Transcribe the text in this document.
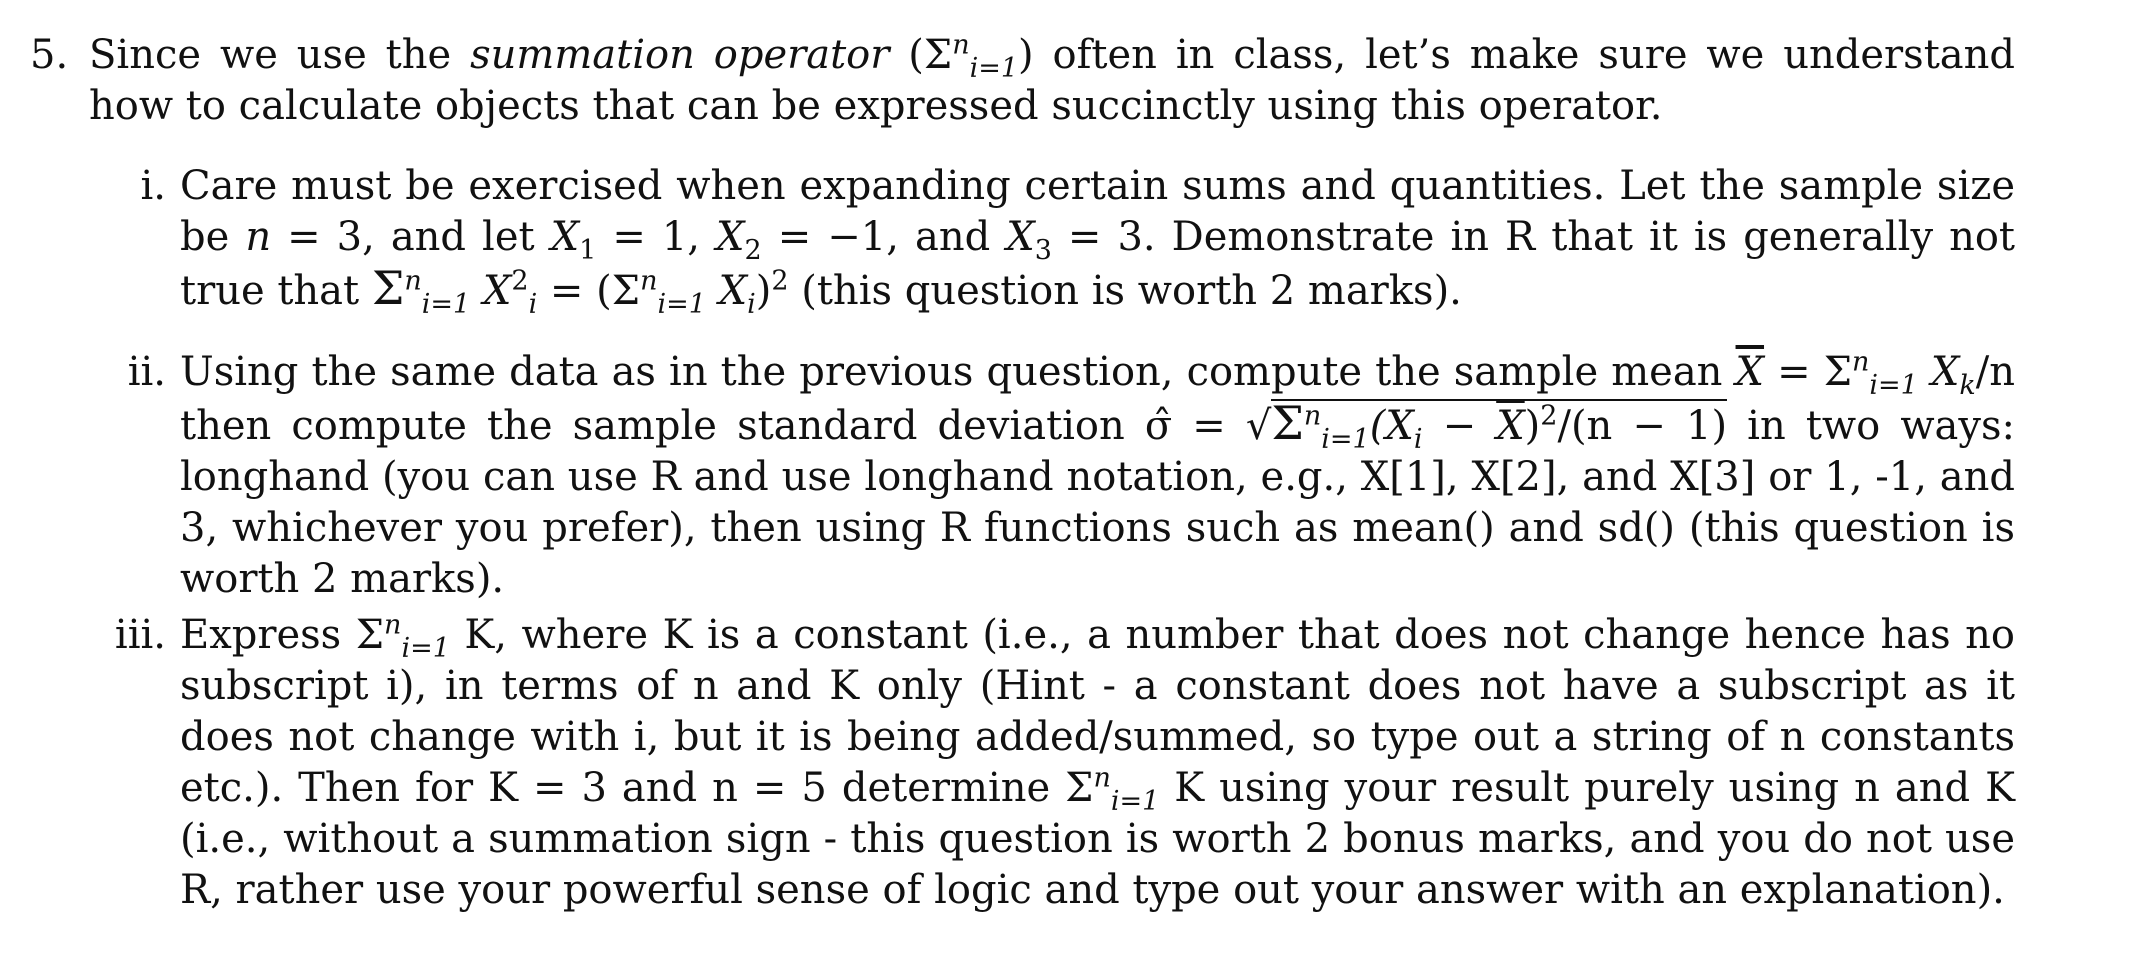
5. Since we use the summation operator $(\Sigma^n_{i=1})$ often in class, let’s make sure we understand how to calculate objects that can be expressed succinctly using this operator.
i. Care must be exercised when expanding certain sums and quantities. Let the sample size be n = 3, and let $X_1 = 1$, $X_2 = -1$, and $X_3 = 3$. Demonstrate in R that it is generally not true that $\Sigma^n_{i=1}$ $X^2_i = (\Sigma^n_{i=1}$ $X_i)^2$ (this question is worth 2 marks).
ii. Using the same data as in the previous question, compute the sample mean $\overline{X} = \Sigma^n_{i=1}$ $X_k/n$ then compute the sample standard deviation σ̂ = $√\Sigma^n_{i=1}(X_i - \overline{X})^2/(n - 1)$ in two ways: longhand (you can use R and use longhand notation, e.g., X[1], X[2], and X[3] or 1, -1, and 3, whichever you prefer), then using R functions such as mean() and sd() (this question is worth 2 marks).
iii. Express $\Sigma^n_{i=1}$ K, where K is a constant (i.e., a number that does not change hence has no subscript i), in terms of n and K only (Hint - a constant does not have a subscript as it does not change with i, but it is being added/summed, so type out a string of n constants etc.). Then for K = 3 and n = 5 determine $\Sigma^n_{i=1}$ K using your result purely using n and K (i.e., without a summation sign - this question is worth 2 bonus marks, and you do not use R, rather use your powerful sense of logic and type out your answer with an explanation).
